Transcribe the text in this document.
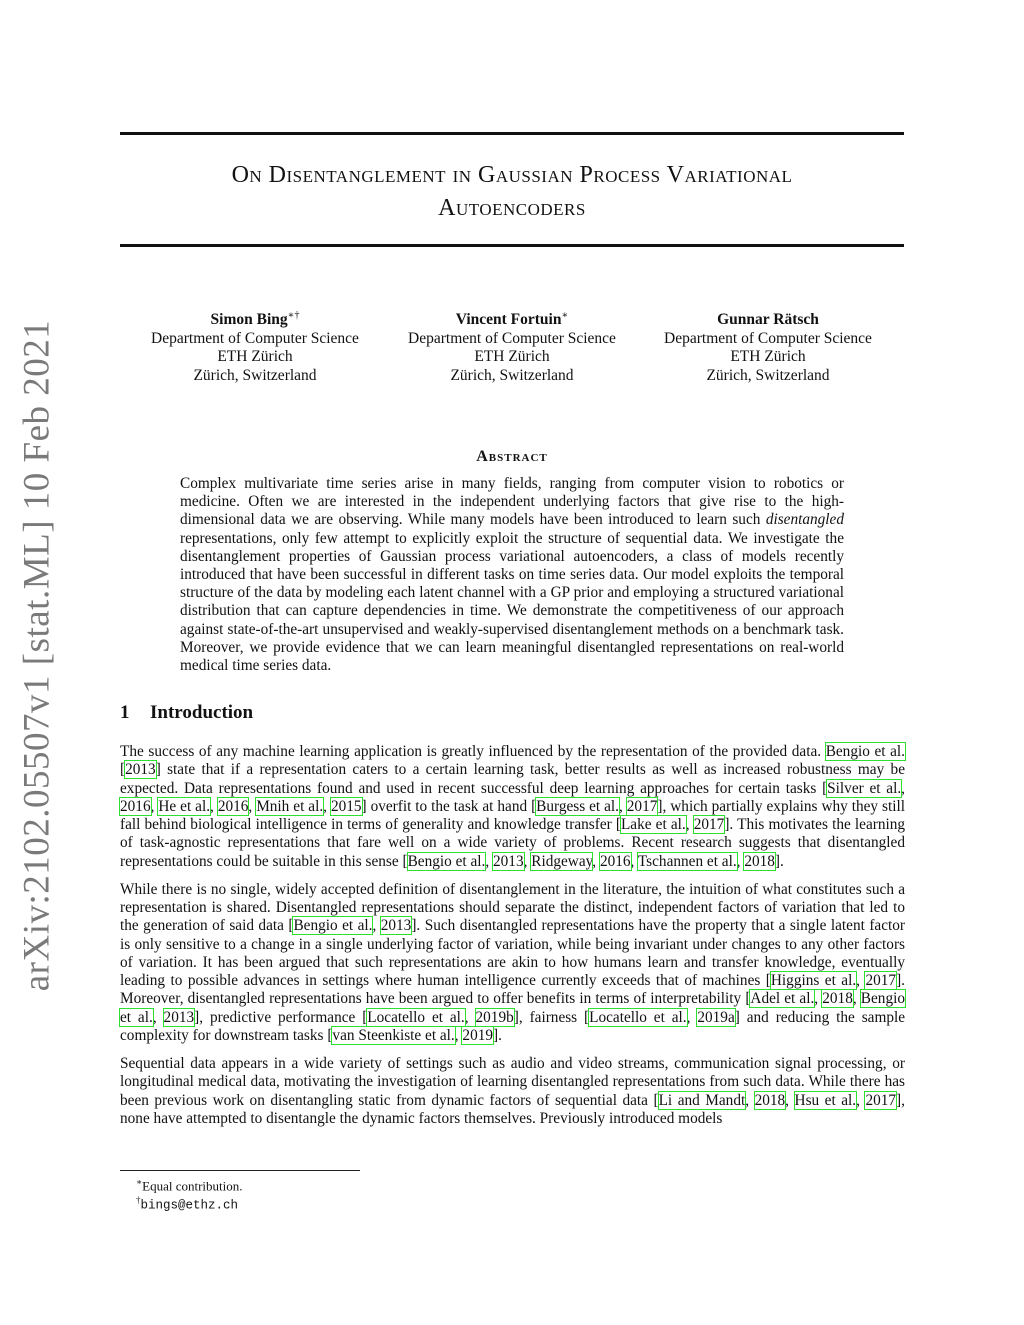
arXiv:2102.05507v1 [stat.ML] 10 Feb 2021
On Disentanglement in Gaussian Process Variational
Autoencoders
Simon Bing∗†
Department of Computer Science
ETH Zürich
Zürich, Switzerland
Vincent Fortuin∗
Department of Computer Science
ETH Zürich
Zürich, Switzerland
Gunnar Rätsch
Department of Computer Science
ETH Zürich
Zürich, Switzerland
Abstract
Complex multivariate time series arise in many fields, ranging from computer vision to robotics or medicine. Often we are interested in the independent underlying factors that give rise to the high-dimensional data we are observing. While many models have been introduced to learn such disentangled representations, only few attempt to explicitly exploit the structure of sequential data. We investigate the disentanglement properties of Gaussian process variational autoencoders, a class of models recently introduced that have been successful in different tasks on time series data. Our model exploits the temporal structure of the data by modeling each latent channel with a GP prior and employing a structured variational distribution that can capture dependencies in time. We demonstrate the competitiveness of our approach against state-of-the-art unsupervised and weakly-supervised disentanglement methods on a benchmark task. Moreover, we provide evidence that we can learn meaningful disentangled representations on real-world medical time series data.
1 Introduction

The success of any machine learning application is greatly influenced by the representation of the provided data. Bengio et al. [2013] state that if a representation caters to a certain learning task, better results as well as increased robustness may be expected. Data representations found and used in recent successful deep learning approaches for certain tasks [Silver et al., 2016, He et al., 2016, Mnih et al., 2015] overfit to the task at hand [Burgess et al., 2017], which partially explains why they still fall behind biological intelligence in terms of generality and knowledge transfer [Lake et al., 2017]. This motivates the learning of task-agnostic representations that fare well on a wide variety of problems. Recent research suggests that disentangled representations could be suitable in this sense [Bengio et al., 2013, Ridgeway, 2016, Tschannen et al., 2018].

While there is no single, widely accepted definition of disentanglement in the literature, the intuition of what constitutes such a representation is shared. Disentangled representations should separate the distinct, independent factors of variation that led to the generation of said data [Bengio et al., 2013]. Such disentangled representations have the property that a single latent factor is only sensitive to a change in a single underlying factor of variation, while being invariant under changes to any other factors of variation. It has been argued that such representations are akin to how humans learn and transfer knowledge, eventually leading to possible advances in settings where human intelligence currently exceeds that of machines [Higgins et al., 2017]. Moreover, disentangled representations have been argued to offer benefits in terms of interpretability [Adel et al., 2018, Bengio et al., 2013], predictive performance [Locatello et al., 2019b], fairness [Locatello et al., 2019a] and reducing the sample complexity for downstream tasks [van Steenkiste et al., 2019].

Sequential data appears in a wide variety of settings such as audio and video streams, communication signal processing, or longitudinal medical data, motivating the investigation of learning disentangled representations from such data. While there has been previous work on disentangling static from dynamic factors of sequential data [Li and Mandt, 2018, Hsu et al., 2017], none have attempted to disentangle the dynamic factors themselves. Previously introduced models

∗Equal contribution.
†bings@ethz.ch
